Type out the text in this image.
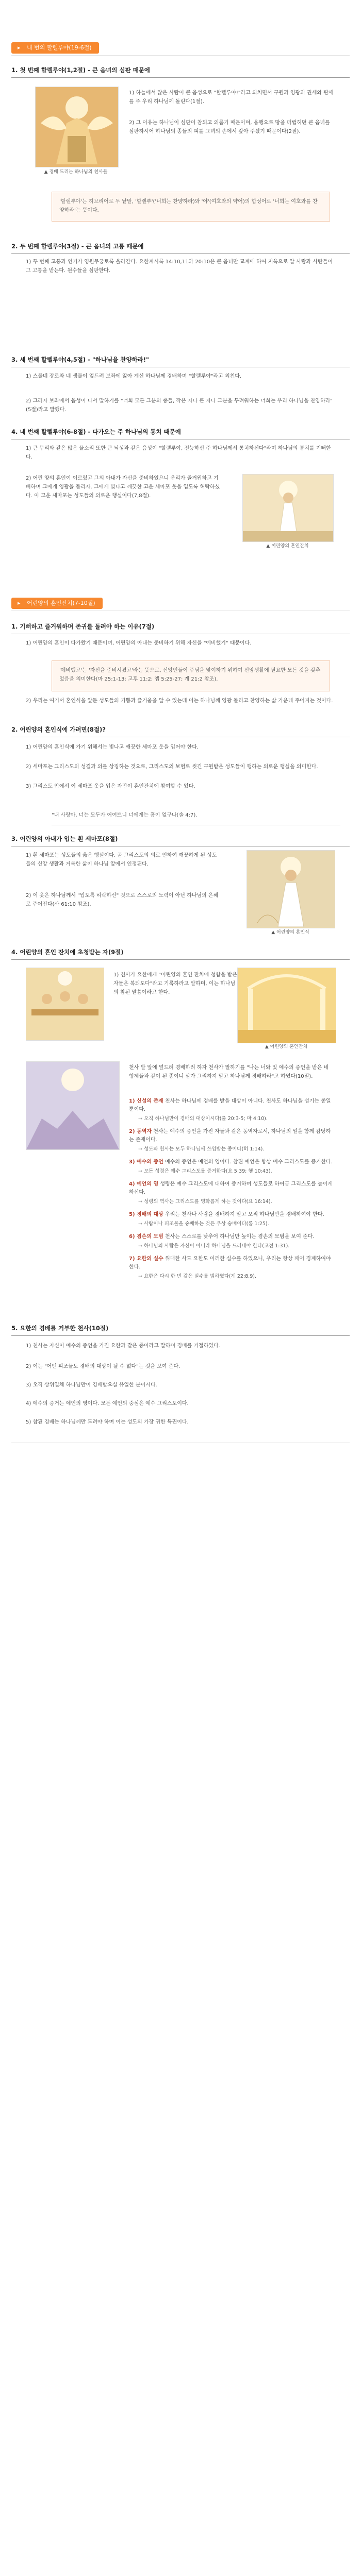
▸ 내 번의 할렐루야(19-6절)
1. 첫 번째 할렐루야(1,2절) - 큰 음녀의 심판 때문에
▲ 경배 드리는 하나님의 천사들
1) 하늘에서 많은 사람이 큰 음성으로 "할렐루야!"라고 외치면서 구원과 영광과 권세와 판세를 주 우리 하나님께 돌린다(1절).
2) 그 이유는 하나님이 심판이 참되고 의롭기 때문이며, 음행으로 땅을 더럽히던 큰 음녀를 심판하시어 하나님의 종들의 피를 그녀의 손에서 갚아 주셨기 때문이다(2절).
'할렐루야'는 히브리어로 두 낱말, '할렐루'('너희는 찬양하라)와 '야'(여호와의 약어)의 합성어로 '너희는 여호와를 찬양하라'는 뜻이다.
2. 두 번째 할렐루야(3절) - 큰 음녀의 고통 때문에
1) 두 번째 고통과 연기가 영원무궁토록 올라간다. 요한계시록 14:10,11과 20:10은 큰 음녀만 교계에 하여 지옥으로 알 사람과 사탄들이 그 고통을 받는다. 원수들을 심판한다.
3. 세 번째 할렐루야(4,5절) - "하나님을 찬양하라!"
1) 스물네 장로와 네 생물이 엎드려 보좌에 앉아 계신 하나님께 경배하며 "할렐루야"라고 외친다.
2) 그러자 보좌에서 음성이 나서 말하기를 "너희 모든 그분의 종들, 작은 자나 큰 자나 그분을 두려워하는 너희는 우리 하나님을 찬양하라"(5절)라고 말했다.
4. 네 번째 할렐루야(6-8절) - 다가오는 주 하나님의 통치 때문에
1) 큰 무리와 같은 많은 물소리 또한 큰 뇌성과 같은 음성이 "할렐루야, 전능하신 주 하나님께서 통치하신다"라며 하나님의 통치를 기뻐한다.
2) 어린 양의 혼인이 이르렀고 그의 아내가 자신을 준비하였으니 우리가 즐거워하고 기뻐하며 그에게 영광을 돌리자. 그에게 빛나고 깨끗한 고운 세마포 옷을 입도록 허락하셨다. 이 고운 세마포는 성도들의 의로운 행실이다(7,8절).
▲ 어린양의 혼인잔치
▸ 어린양의 혼인잔치(7-10절)
1. 기뻐하고 즐거워하며 존귀를 돌려야 하는 이유(7절)
1) 어린양의 혼인이 다가왔기 때문이며, 어린양의 아내는 준비하기 위해 자신을 "예비했기" 때문이다.
'예비했고'는 '자신을 준비시켰고'라는 뜻으로, 신앙인들이 주님을 맞이하기 위하여 신앙생활에 필요한 모든 것을 갖추었음을 의미한다(마 25:1-13; 고후 11:2; 엡 5:25-27; 계 21:2 참조).
2) 우리는 여기서 혼인식을 앞둔 성도들의 기쁨과 즐거움을 알 수 있는데 이는 하나님께 영광 돌리고 찬양하는 삶 가운데 주어지는 것이다.
2. 어린양의 혼인식에 가려면(8절)?
1) 어린양의 혼인식에 가기 위해서는 빛나고 깨끗한 세마포 옷을 입어야 한다.
2) 세마포는 그리스도의 성결과 의를 상징하는 것으로, 그리스도의 보혈로 씻긴 구원받은 성도들이 행하는 의로운 행실을 의미한다.
3) 그리스도 안에서 이 세마포 옷을 입은 자만이 혼인잔치에 참여할 수 있다.
"내 사랑아, 너는 모두가 어여쁘니 너에게는 흠이 없구나(솔 4:7).
3. 어린양의 아내가 입는 흰 세마포(8절)
1) 흰 세마포는 성도들의 옳은 행실이다. 곧 그리스도의 의로 인하여 깨끗하게 된 성도들의 신앙 생활과 거룩한 삶이 하나님 앞에서 인정된다.
2) 이 옷은 하나님께서 "입도록 허락하신" 것으로 스스로의 노력이 아닌 하나님의 은혜로 주어진다(사 61:10 참조).
▲ 어린양의 혼인식
4. 어린양의 혼인 잔치에 초청받는 자(9절)
1) 천사가 요한에게 "어린양의 혼인 잔치에 청함을 받은 자들은 복되도다"라고 기록하라고 말하며, 이는 하나님의 참된 말씀이라고 한다.
▲ 어린양의 혼인잔치
천사 발 앞에 엎드려 경배하려 하자 천사가 말하기를 "나는 너와 및 예수의 증언을 받은 네 형제들과 같이 된 종이니 삼가 그리하지 말고 하나님께 경배하라"고 하였다(10절).
1) 신성의 존재 천사는 하나님께 경배를 받을 대상이 아니다. 천사도 하나님을 섬기는 종일 뿐이다.
→ 오직 하나님만이 경배의 대상이시다(출 20:3-5; 마 4:10).
2) 동역자 천사는 예수의 증언을 가진 자들과 같은 동역자로서, 하나님의 일을 함께 감당하는 존재이다.
→ 성도와 천사는 모두 하나님께 쓰임받는 종이다(히 1:14).
3) 예수의 증언 예수의 증언은 예언의 영이다. 참된 예언은 항상 예수 그리스도를 증거한다.
→ 모든 성경은 예수 그리스도를 증거한다(요 5:39; 행 10:43).
4) 예언의 영 성령은 예수 그리스도에 대하여 증거하며 성도들로 하여금 그리스도를 높이게 하신다.
→ 성령의 역사는 그리스도를 영화롭게 하는 것이다(요 16:14).
5) 경배의 대상 우리는 천사나 사람을 경배하지 말고 오직 하나님만을 경배하여야 한다.
→ 사람이나 피조물을 숭배하는 것은 우상 숭배이다(롬 1:25).
6) 겸손의 모범 천사는 스스로를 낮추어 하나님만 높이는 겸손의 모범을 보여 준다.
→ 하나님의 사람은 자신이 아니라 하나님을 드러내야 한다(고전 1:31).
7) 요한의 실수 위대한 사도 요한도 이러한 실수를 하였으니, 우리는 항상 깨어 경계하여야 한다.
→ 요한은 다시 한 번 같은 실수를 범하였다(계 22:8,9).
5. 요한의 경배를 거부한 천사(10절)
1) 천사는 자신이 예수의 증언을 가진 요한과 같은 종이라고 말하며 경배를 거절하였다.
2) 이는 "어떤 피조물도 경배의 대상이 될 수 없다"는 것을 보여 준다.
3) 오직 삼위일체 하나님만이 경배받으실 유일한 분이시다.
4) 예수의 증거는 예언의 영이다. 모든 예언의 중심은 예수 그리스도이다.
5) 참된 경배는 하나님께만 드려야 하며 이는 성도의 가장 귀한 특권이다.
